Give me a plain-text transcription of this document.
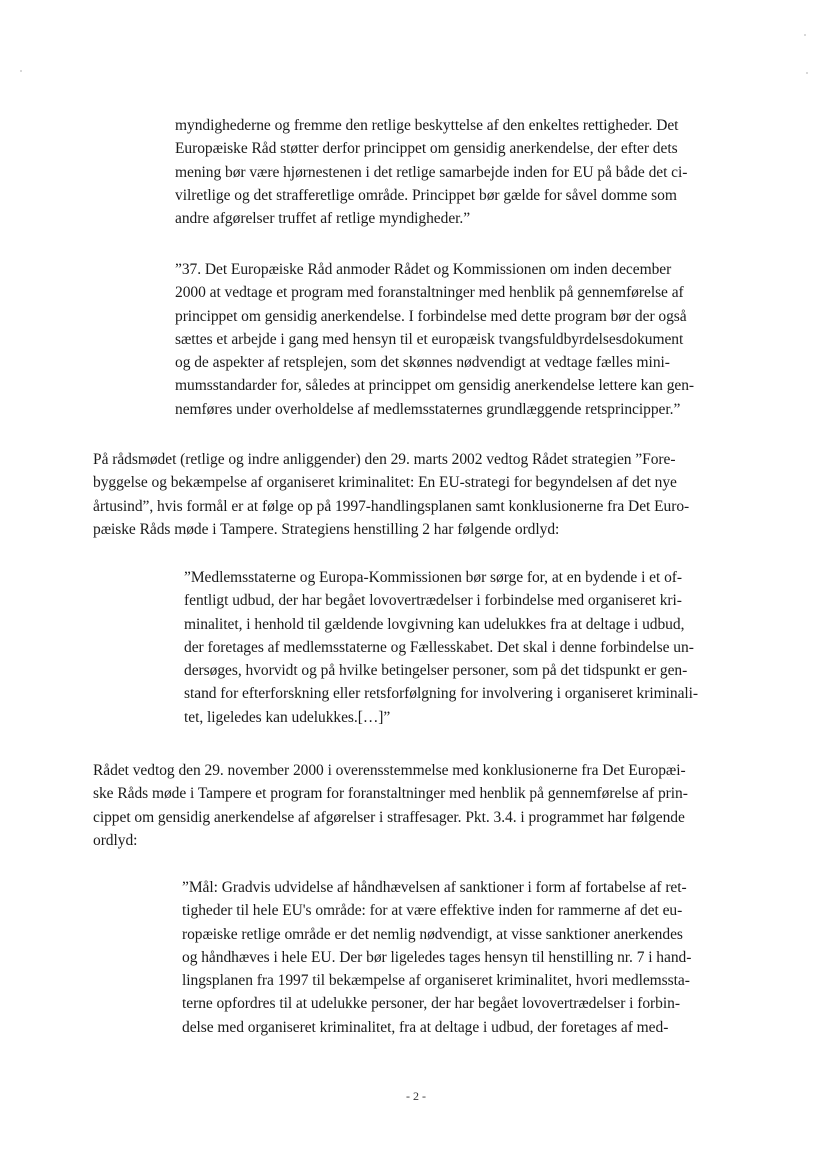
myndighederne og fremme den retlige beskyttelse af den enkeltes rettigheder. Det
Europæiske Råd støtter derfor princippet om gensidig anerkendelse, der efter dets
mening bør være hjørnestenen i det retlige samarbejde inden for EU på både det ci-
vilretlige og det strafferetlige område. Princippet bør gælde for såvel domme som
andre afgørelser truffet af retlige myndigheder.”
”37. Det Europæiske Råd anmoder Rådet og Kommissionen om inden december
2000 at vedtage et program med foranstaltninger med henblik på gennemførelse af
princippet om gensidig anerkendelse. I forbindelse med dette program bør der også
sættes et arbejde i gang med hensyn til et europæisk tvangsfuldbyrdelsesdokument
og de aspekter af retsplejen, som det skønnes nødvendigt at vedtage fælles mini-
mumsstandarder for, således at princippet om gensidig anerkendelse lettere kan gen-
nemføres under overholdelse af medlemsstaternes grundlæggende retsprincipper.”
På rådsmødet (retlige og indre anliggender) den 29. marts 2002 vedtog Rådet strategien ”Fore-
byggelse og bekæmpelse af organiseret kriminalitet: En EU-strategi for begyndelsen af det nye
årtusind”, hvis formål er at følge op på 1997-handlingsplanen samt konklusionerne fra Det Euro-
pæiske Råds møde i Tampere. Strategiens henstilling 2 har følgende ordlyd:
”Medlemsstaterne og Europa-Kommissionen bør sørge for, at en bydende i et of-
fentligt udbud, der har begået lovovertrædelser i forbindelse med organiseret kri-
minalitet, i henhold til gældende lovgivning kan udelukkes fra at deltage i udbud,
der foretages af medlemsstaterne og Fællesskabet. Det skal i denne forbindelse un-
dersøges, hvorvidt og på hvilke betingelser personer, som på det tidspunkt er gen-
stand for efterforskning eller retsforfølgning for involvering i organiseret kriminali-
tet, ligeledes kan udelukkes.[…]”
Rådet vedtog den 29. november 2000 i overensstemmelse med konklusionerne fra Det Europæi-
ske Råds møde i Tampere et program for foranstaltninger med henblik på gennemførelse af prin-
cippet om gensidig anerkendelse af afgørelser i straffesager. Pkt. 3.4. i programmet har følgende
ordlyd:
”Mål: Gradvis udvidelse af håndhævelsen af sanktioner i form af fortabelse af ret-
tigheder til hele EU's område: for at være effektive inden for rammerne af det eu-
ropæiske retlige område er det nemlig nødvendigt, at visse sanktioner anerkendes
og håndhæves i hele EU. Der bør ligeledes tages hensyn til henstilling nr. 7 i hand-
lingsplanen fra 1997 til bekæmpelse af organiseret kriminalitet, hvori medlemssta-
terne opfordres til at udelukke personer, der har begået lovovertrædelser i forbin-
delse med organiseret kriminalitet, fra at deltage i udbud, der foretages af med-
- 2 -
